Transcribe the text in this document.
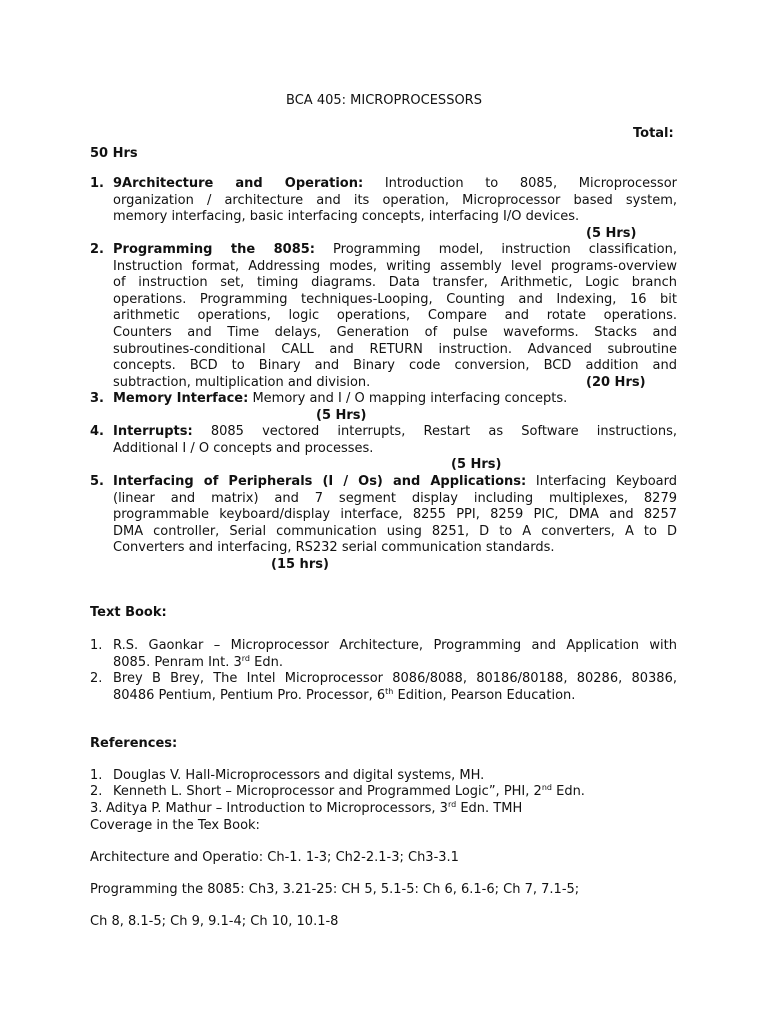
BCA 405: MICROPROCESSORS
Total:
50 Hrs
1. 9Architecture and Operation: Introduction to 8085, Microprocessor
organization / architecture and its operation, Microprocessor based system,
memory interfacing, basic interfacing concepts, interfacing I/O devices.
(5 Hrs)
2. Programming the 8085: Programming model, instruction classification,
Instruction format, Addressing modes, writing assembly level programs-overview
of instruction set, timing diagrams. Data transfer, Arithmetic, Logic branch
operations. Programming techniques-Looping, Counting and Indexing, 16 bit
arithmetic operations, logic operations, Compare and rotate operations.
Counters and Time delays, Generation of pulse waveforms. Stacks and
subroutines-conditional CALL and RETURN instruction. Advanced subroutine
concepts. BCD to Binary and Binary code conversion, BCD addition and
subtraction, multiplication and division.	(20 Hrs)
3. Memory Interface: Memory and I / O mapping interfacing concepts.
(5 Hrs)
4. Interrupts: 8085 vectored interrupts, Restart as Software instructions,
Additional I / O concepts and processes.
(5 Hrs)
5. Interfacing of Peripherals (I / Os) and Applications: Interfacing Keyboard
(linear and matrix) and 7 segment display including multiplexes, 8279
programmable keyboard/display interface, 8255 PPI, 8259 PIC, DMA and 8257
DMA controller, Serial communication using 8251, D to A converters, A to D
Converters and interfacing, RS232 serial communication standards.
(15 hrs)
Text Book:
1. R.S. Gaonkar – Microprocessor Architecture, Programming and Application with
8085. Penram Int. 3rd Edn.
2. Brey B Brey, The Intel Microprocessor 8086/8088, 80186/80188, 80286, 80386,
80486 Pentium, Pentium Pro. Processor, 6th Edition, Pearson Education.
References:
1. Douglas V. Hall-Microprocessors and digital systems, MH.
2. Kenneth L. Short – Microprocessor and Programmed Logic”, PHI, 2nd Edn.
3. Aditya P. Mathur – Introduction to Microprocessors, 3rd Edn. TMH
Coverage in the Tex Book:
Architecture and Operatio: Ch-1. 1-3; Ch2-2.1-3; Ch3-3.1
Programming the 8085: Ch3, 3.21-25: CH 5, 5.1-5: Ch 6, 6.1-6; Ch 7, 7.1-5;
Ch 8, 8.1-5; Ch 9, 9.1-4; Ch 10, 10.1-8
